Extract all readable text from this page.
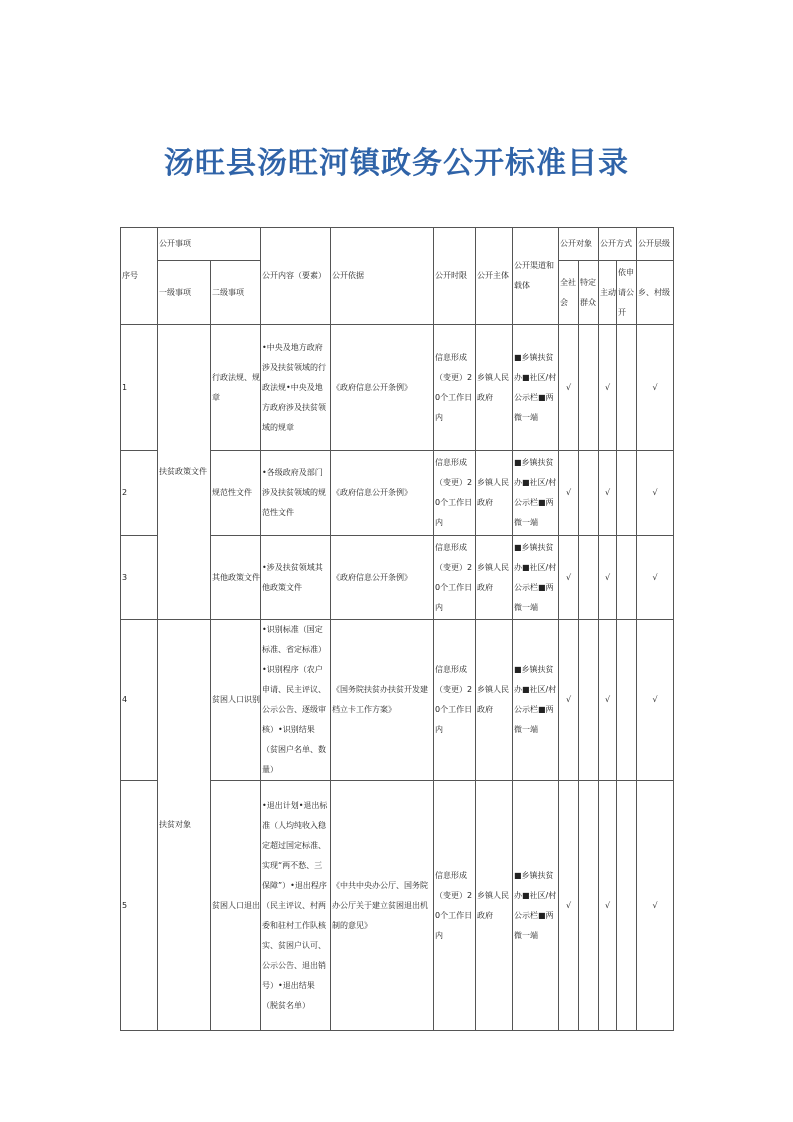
汤旺县汤旺河镇政务公开标准目录
序号	公开事项		公开内容（要素）	公开依据	公开时限	公开主体	公开渠道和载体	公开对象		公开方式		公开层级
	一级事项	二级事项						全社会	特定群众	主动	依申请公开	乡、村级
1	扶贫政策文件	行政法规、规章	•中央及地方政府涉及扶贫领域的行政法规•中央及地方政府涉及扶贫领域的规章	《政府信息公开条例》	信息形成（变更）20个工作日内	乡镇人民政府	■乡镇扶贫办■社区/村公示栏■两微一端	√		√		√
2		规范性文件	•各级政府及部门涉及扶贫领域的规范性文件	《政府信息公开条例》	信息形成（变更）20个工作日内	乡镇人民政府	■乡镇扶贫办■社区/村公示栏■两微一端	√		√		√
3		其他政策文件	•涉及扶贫领域其他政策文件	《政府信息公开条例》	信息形成（变更）20个工作日内	乡镇人民政府	■乡镇扶贫办■社区/村公示栏■两微一端	√		√		√
4	扶贫对象	贫困人口识别	•识别标准（国定标准、省定标准）•识别程序（农户申请、民主评议、公示公告、逐级审核）•识别结果（贫困户名单、数量）	《国务院扶贫办扶贫开发建档立卡工作方案》	信息形成（变更）20个工作日内	乡镇人民政府	■乡镇扶贫办■社区/村公示栏■两微一端	√		√		√
5		贫困人口退出	•退出计划•退出标准（人均纯收入稳定超过国定标准、实现“两不愁、三保障”）•退出程序（民主评议、村两委和驻村工作队核实、贫困户认可、公示公告、退出销号）•退出结果（脱贫名单）	《中共中央办公厅、国务院办公厅关于建立贫困退出机制的意见》	信息形成（变更）20个工作日内	乡镇人民政府	■乡镇扶贫办■社区/村公示栏■两微一端	√		√		√
